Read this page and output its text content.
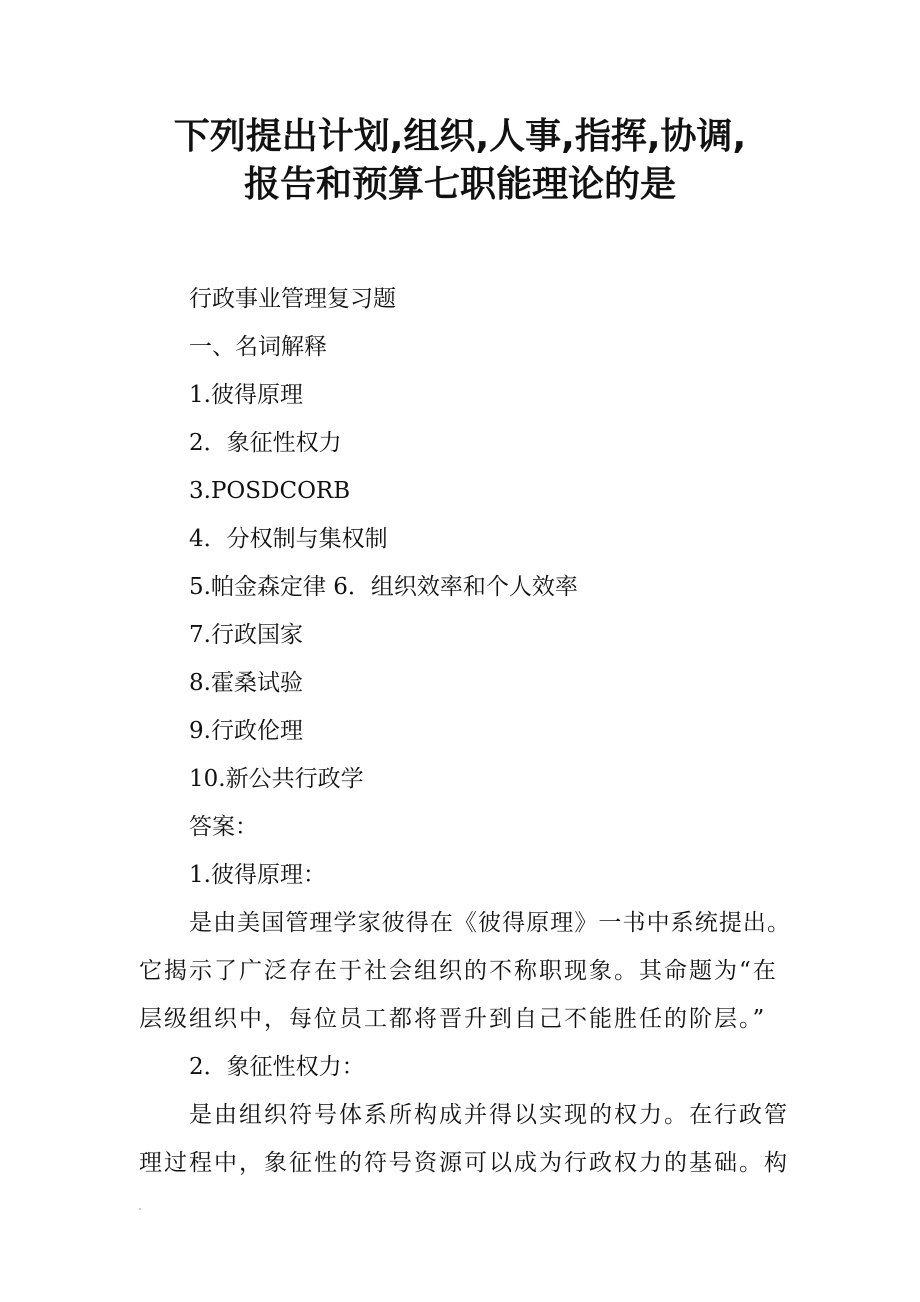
下列提出计划,组织,人事,指挥,协调,
报告和预算七职能理论的是

行政事业管理复习题

一、名词解释

1.彼得原理

2．象征性权力

3.POSDCORB

4．分权制与集权制

5.帕金森定律 6．组织效率和个人效率

7.行政国家

8.霍桑试验

9.行政伦理

10.新公共行政学

答案：

1.彼得原理：

是由美国管理学家彼得在《彼得原理》一书中系统提出。

它揭示了广泛存在于社会组织的不称职现象。其命题为“在

层级组织中，每位员工都将晋升到自己不能胜任的阶层。”

2．象征性权力：

是由组织符号体系所构成并得以实现的权力。在行政管

理过程中，象征性的符号资源可以成为行政权力的基础。构
